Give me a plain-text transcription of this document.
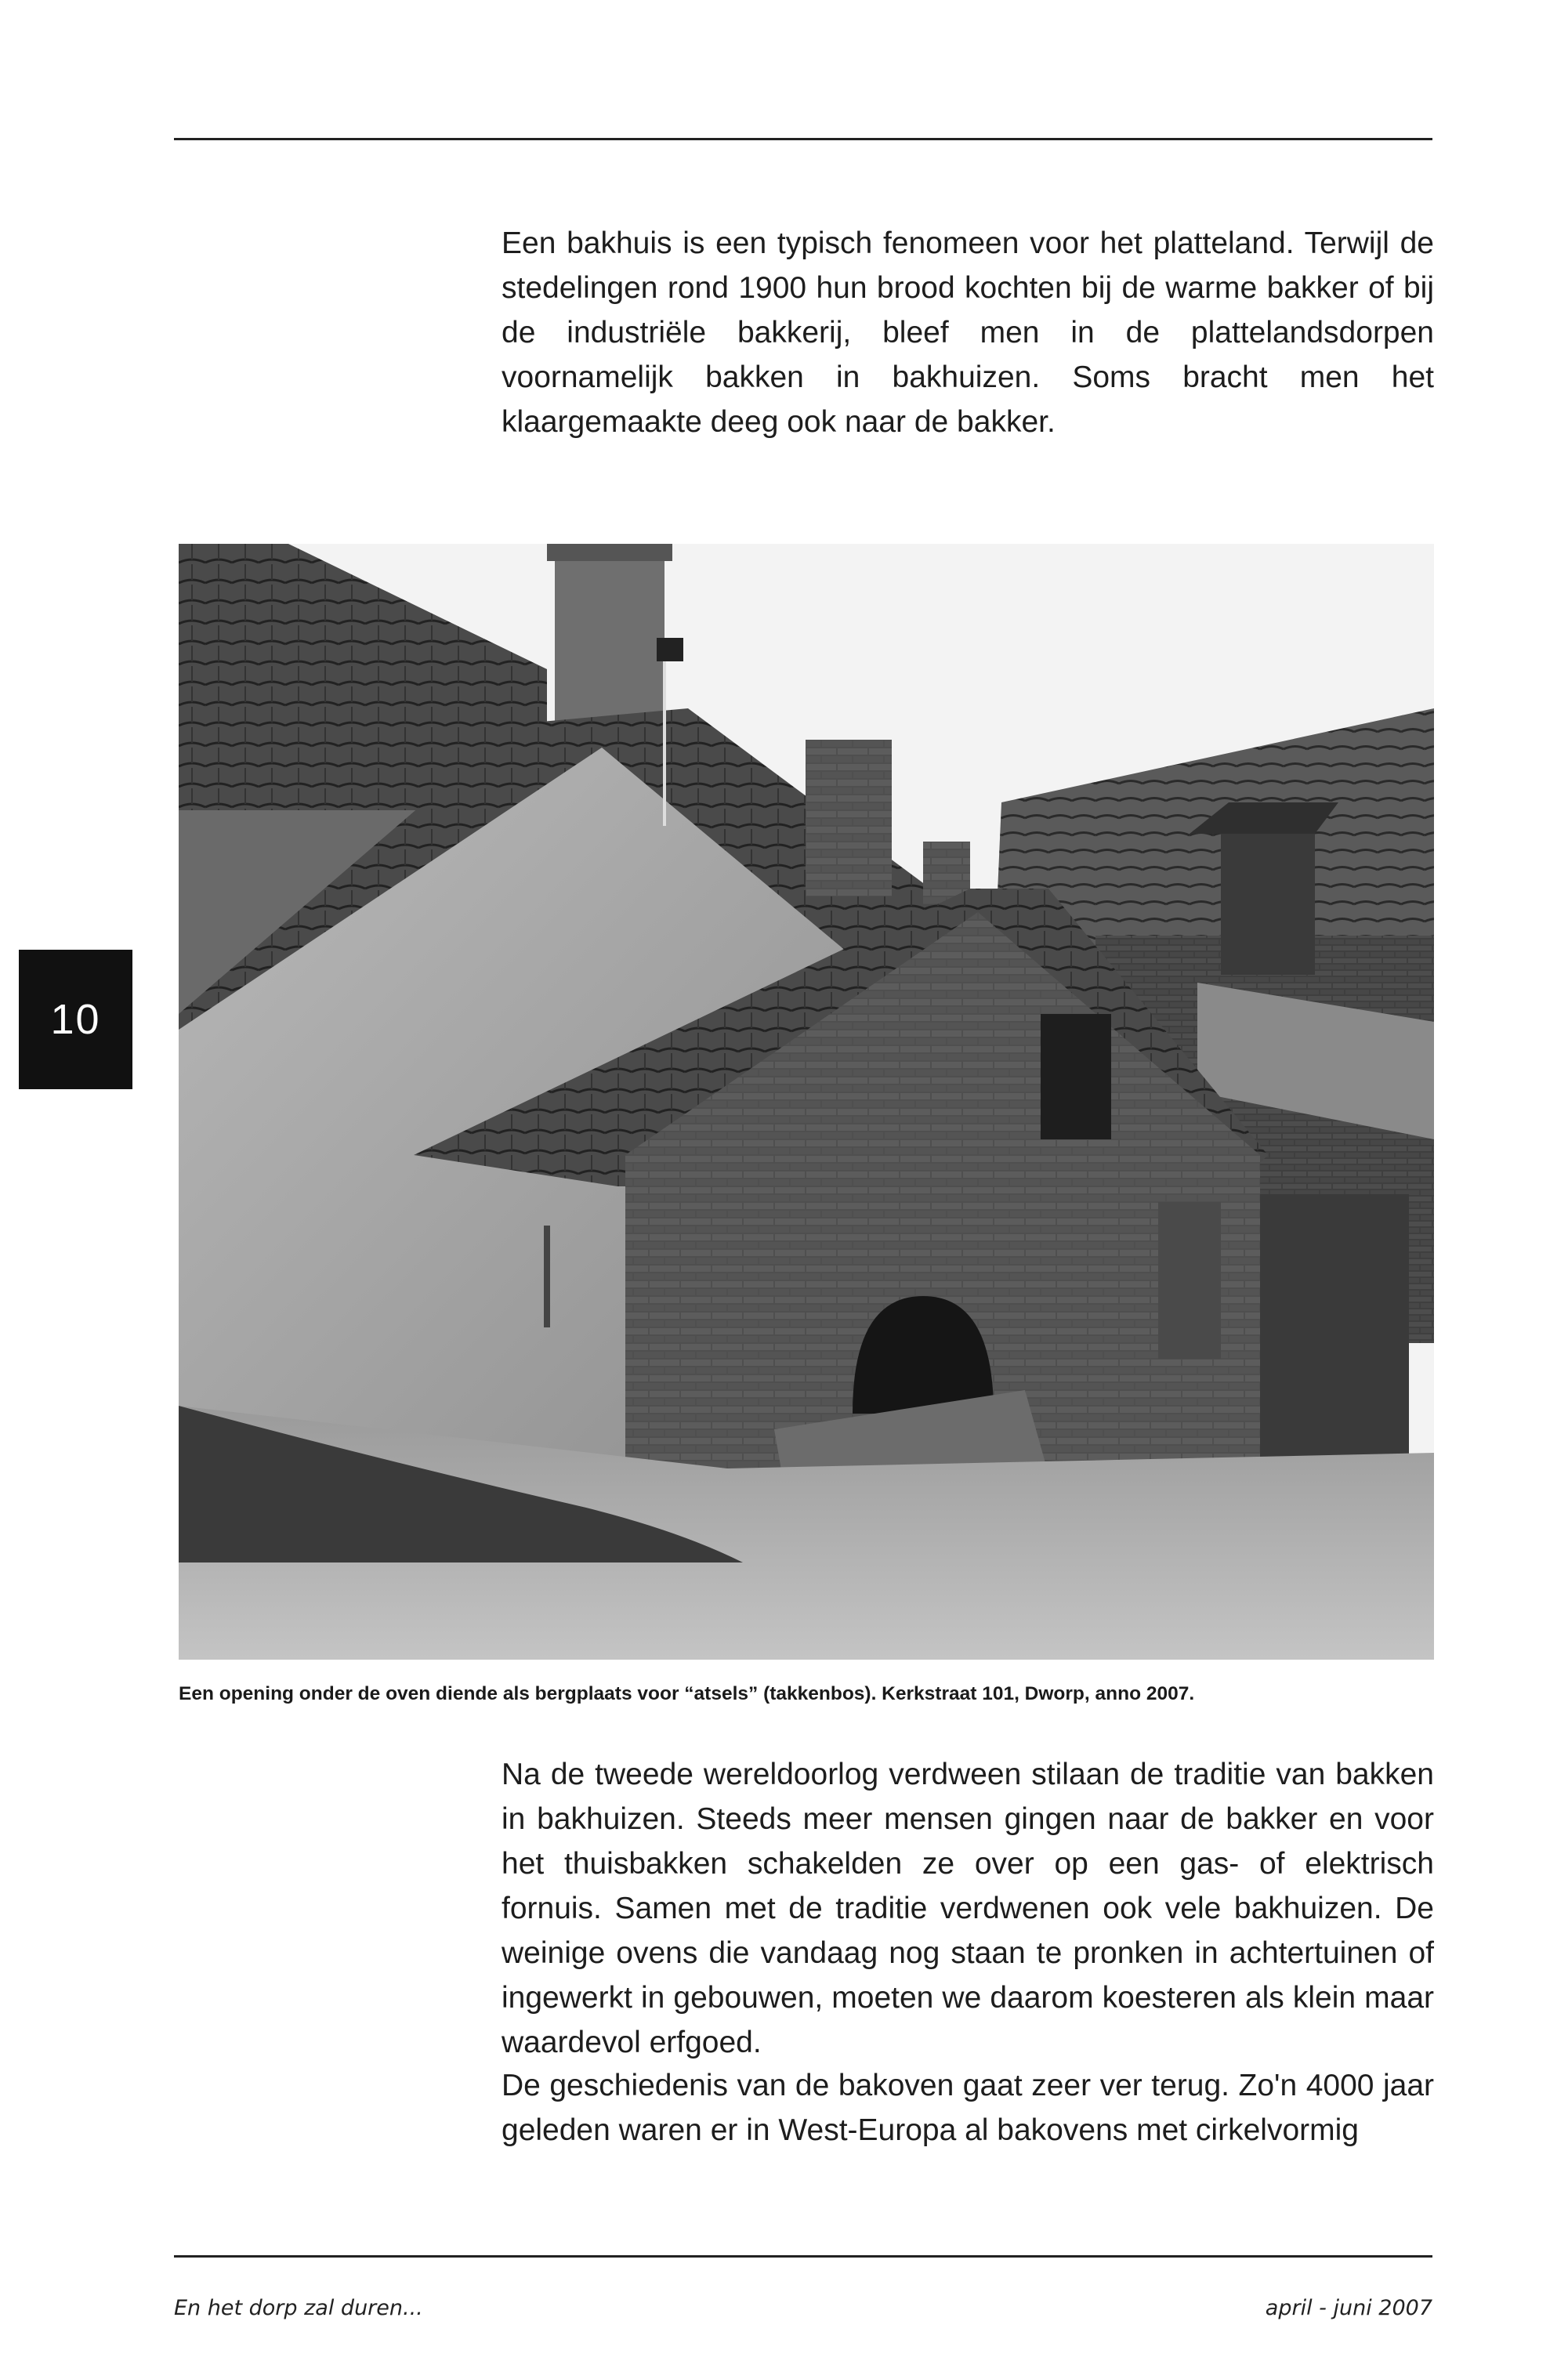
10

Een bakhuis is een typisch fenomeen voor het platteland. Terwijl de stedelingen rond 1900 hun brood kochten bij de warme bakker of bij de industriële bakkerij, bleef men in de plattelandsdorpen voornamelijk bakken in bakhuizen. Soms bracht men het klaargemaakte deeg ook naar de bakker.

Een opening onder de oven diende als bergplaats voor “atsels” (takkenbos). Kerkstraat 101, Dworp, anno 2007.

Na de tweede wereldoorlog verdween stilaan de traditie van bakken in bakhuizen. Steeds meer mensen gingen naar de bakker en voor het thuisbakken schakelden ze over op een gas- of elektrisch fornuis. Samen met de traditie verdwenen ook vele bakhuizen. De weinige ovens die vandaag nog staan te pronken in achtertuinen of ingewerkt in gebouwen, moeten we daarom koesteren als klein maar waardevol erfgoed.

De geschiedenis van de bakoven gaat zeer ver terug. Zo'n 4000 jaar geleden waren er in West-Europa al bakovens met cirkelvormig

En het dorp zal duren...	april - juni 2007
